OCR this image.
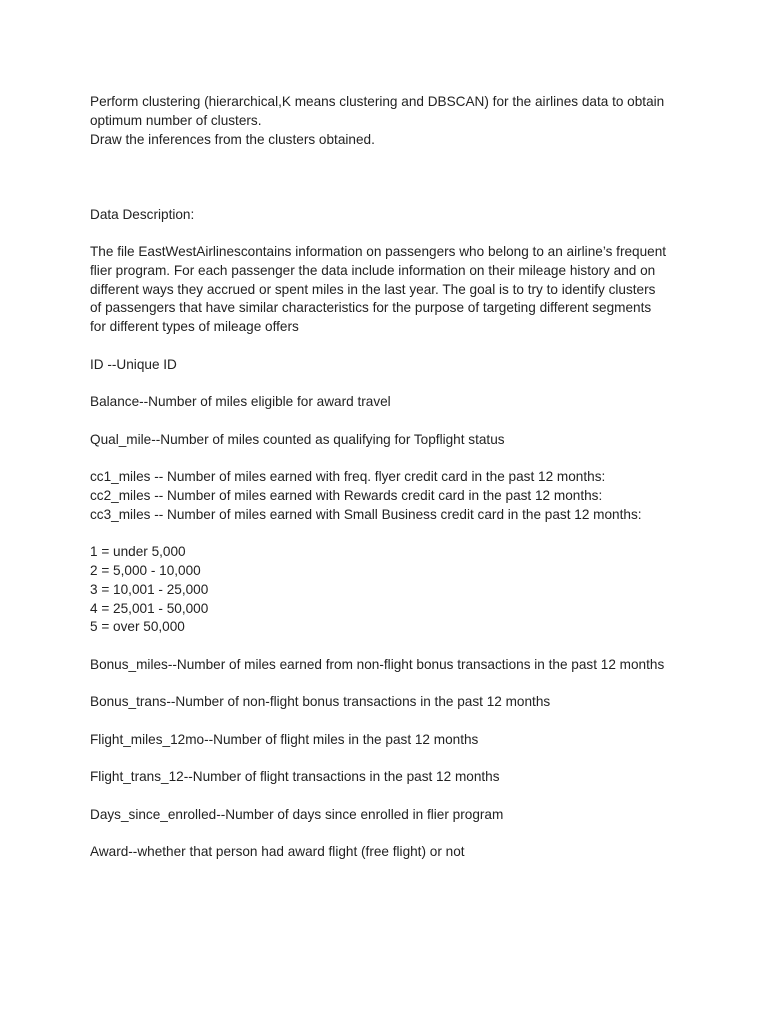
Perform clustering (hierarchical,K means clustering and DBSCAN) for the airlines data to obtain

optimum number of clusters.

Draw the inferences from the clusters obtained.

Data Description:

The file EastWestAirlinescontains information on passengers who belong to an airline’s frequent

flier program. For each passenger the data include information on their mileage history and on

different ways they accrued or spent miles in the last year. The goal is to try to identify clusters

of passengers that have similar characteristics for the purpose of targeting different segments

for different types of mileage offers

ID --Unique ID

Balance--Number of miles eligible for award travel

Qual_mile--Number of miles counted as qualifying for Topflight status

cc1_miles -- Number of miles earned with freq. flyer credit card in the past 12 months:

cc2_miles -- Number of miles earned with Rewards credit card in the past 12 months:

cc3_miles -- Number of miles earned with Small Business credit card in the past 12 months:

1 = under 5,000

2 = 5,000 - 10,000

3 = 10,001 - 25,000

4 = 25,001 - 50,000

5 = over 50,000

Bonus_miles--Number of miles earned from non-flight bonus transactions in the past 12 months

Bonus_trans--Number of non-flight bonus transactions in the past 12 months

Flight_miles_12mo--Number of flight miles in the past 12 months

Flight_trans_12--Number of flight transactions in the past 12 months

Days_since_enrolled--Number of days since enrolled in flier program

Award--whether that person had award flight (free flight) or not
